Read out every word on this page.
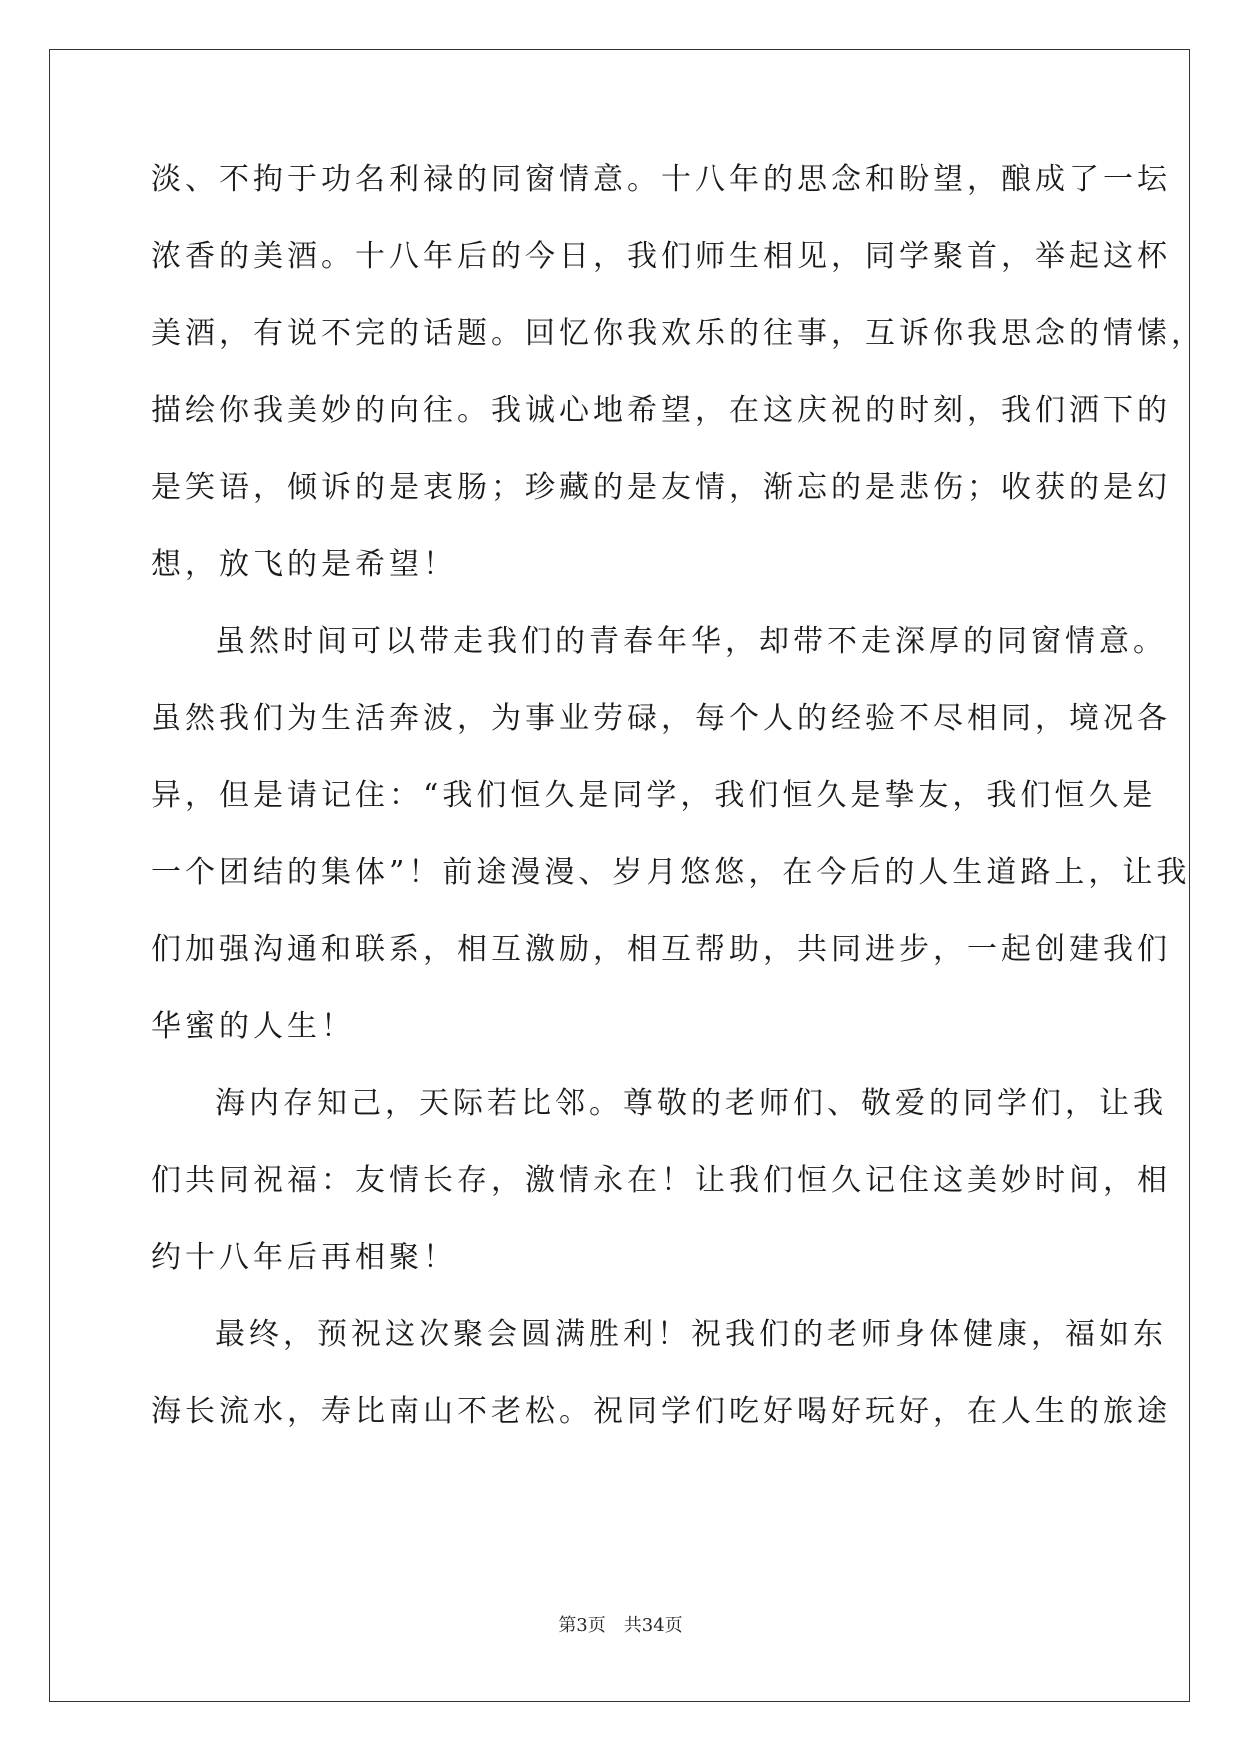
淡、不拘于功名利禄的同窗情意。十八年的思念和盼望，酿成了一坛
浓香的美酒。十八年后的今日，我们师生相见，同学聚首，举起这杯
美酒，有说不完的话题。回忆你我欢乐的往事，互诉你我思念的情愫，
描绘你我美妙的向往。我诚心地希望，在这庆祝的时刻，我们洒下的
是笑语，倾诉的是衷肠；珍藏的是友情，渐忘的是悲伤；收获的是幻
想，放飞的是希望！
虽然时间可以带走我们的青春年华，却带不走深厚的同窗情意。
虽然我们为生活奔波，为事业劳碌，每个人的经验不尽相同，境况各
异，但是请记住：“我们恒久是同学，我们恒久是挚友，我们恒久是
一个团结的集体”！前途漫漫、岁月悠悠，在今后的人生道路上，让我
们加强沟通和联系，相互激励，相互帮助，共同进步，一起创建我们
华蜜的人生！
海内存知己，天际若比邻。尊敬的老师们、敬爱的同学们，让我
们共同祝福：友情长存，激情永在！让我们恒久记住这美妙时间，相
约十八年后再相聚！
最终，预祝这次聚会圆满胜利！祝我们的老师身体健康，福如东
海长流水，寿比南山不老松。祝同学们吃好喝好玩好，在人生的旅途
第3页 共34页
